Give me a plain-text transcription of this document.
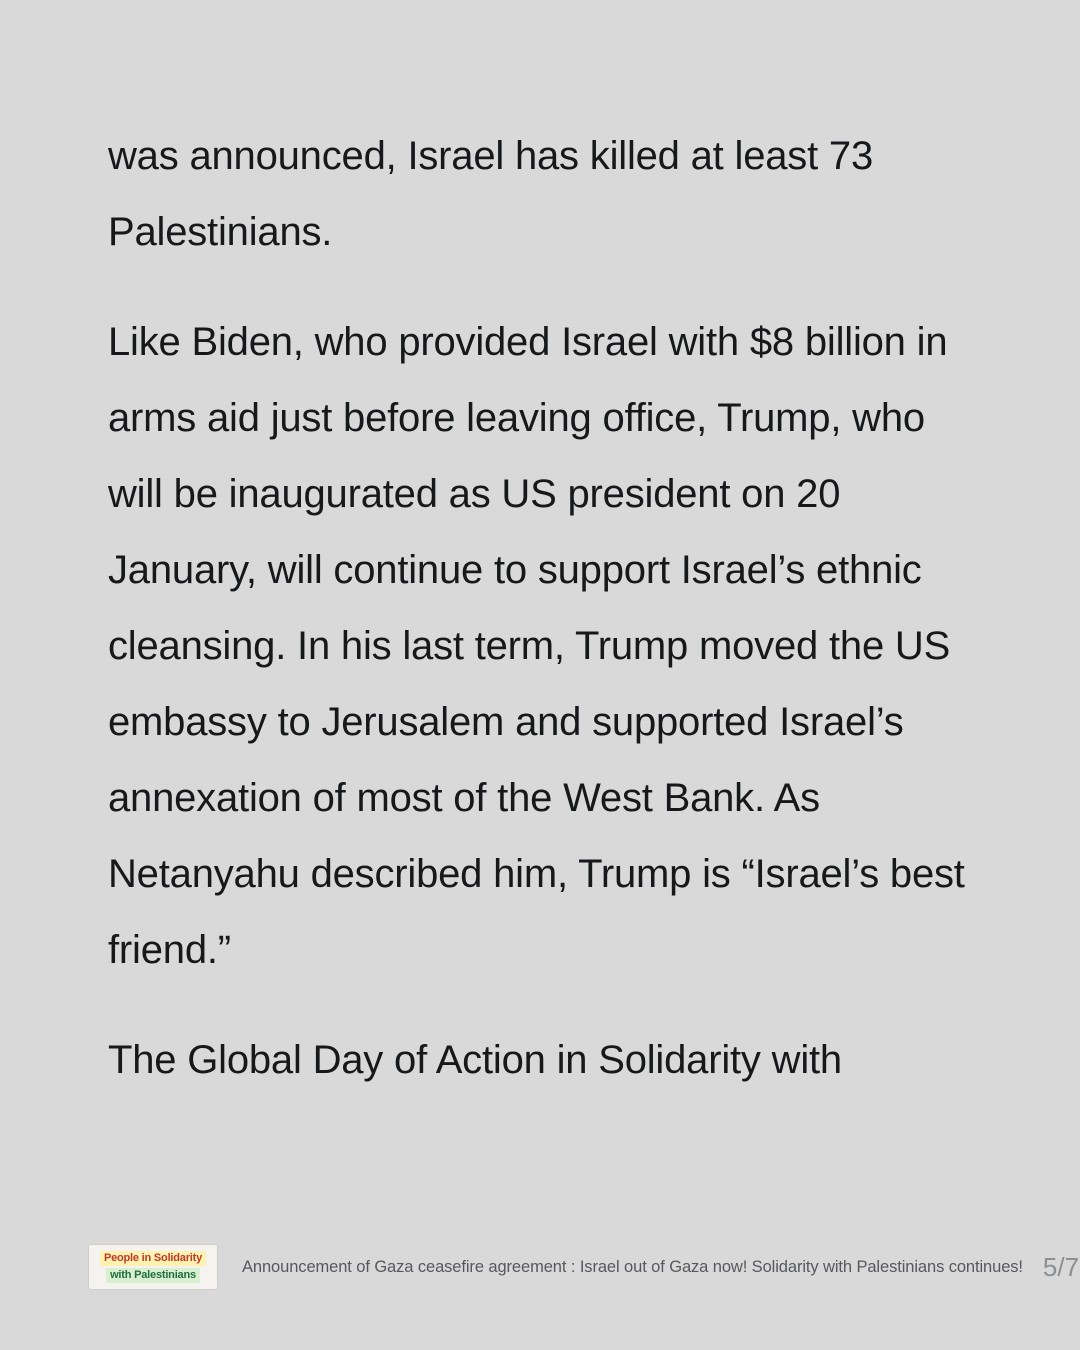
was announced, Israel has killed at least 73 Palestinians.

Like Biden, who provided Israel with $8 billion in arms aid just before leaving office, Trump, who will be inaugurated as US president on 20 January, will continue to support Israel’s ethnic cleansing. In his last term, Trump moved the US embassy to Jerusalem and supported Israel’s annexation of most of the West Bank. As Netanyahu described him, Trump is “Israel’s best friend.”

The Global Day of Action in Solidarity with

People in Solidarity
with Palestinians	Announcement of Gaza ceasefire agreement : Israel out of Gaza now! Solidarity with Palestinians continues! 5/7
